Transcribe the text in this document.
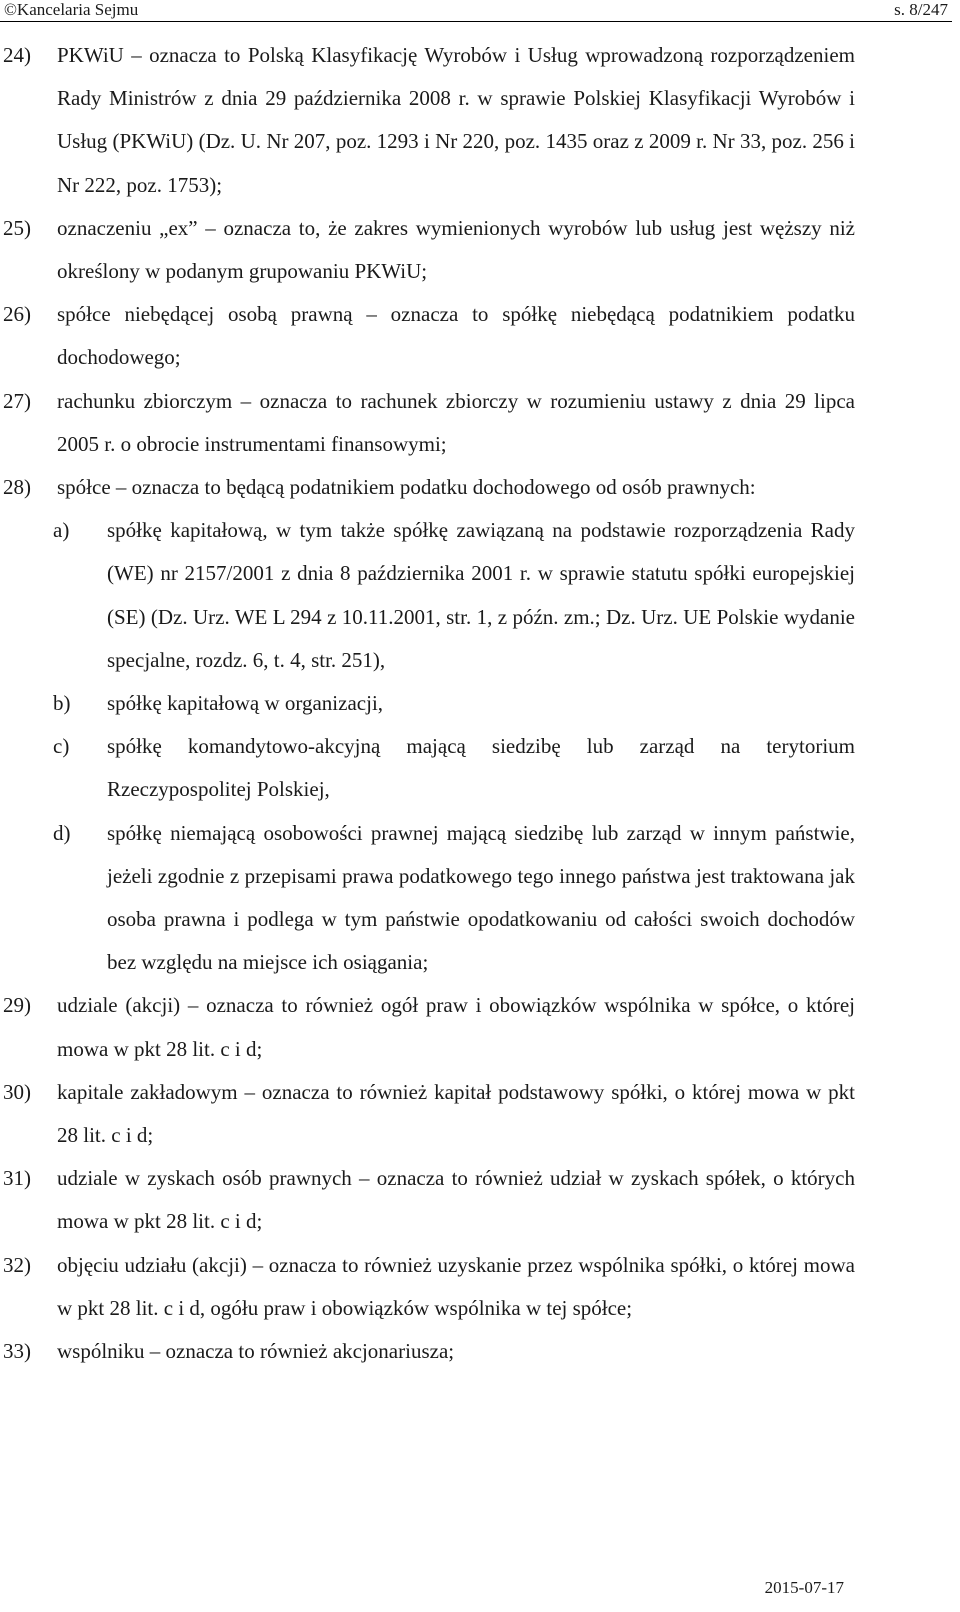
©Kancelaria Sejmu	s. 8/247
24) PKWiU – oznacza to Polską Klasyfikację Wyrobów i Usług wprowadzoną rozporządzeniem Rady Ministrów z dnia 29 października 2008 r. w sprawie Polskiej Klasyfikacji Wyrobów i Usług (PKWiU) (Dz. U. Nr 207, poz. 1293 i Nr 220, poz. 1435 oraz z 2009 r. Nr 33, poz. 256 i Nr 222, poz. 1753);
25) oznaczeniu „ex” – oznacza to, że zakres wymienionych wyrobów lub usług jest węższy niż określony w podanym grupowaniu PKWiU;
26) spółce niebędącej osobą prawną – oznacza to spółkę niebędącą podatnikiem podatku dochodowego;
27) rachunku zbiorczym – oznacza to rachunek zbiorczy w rozumieniu ustawy z dnia 29 lipca 2005 r. o obrocie instrumentami finansowymi;
28) spółce – oznacza to będącą podatnikiem podatku dochodowego od osób prawnych:
a) spółkę kapitałową, w tym także spółkę zawiązaną na podstawie rozporządzenia Rady (WE) nr 2157/2001 z dnia 8 października 2001 r. w sprawie statutu spółki europejskiej (SE) (Dz. Urz. WE L 294 z 10.11.2001, str. 1, z późn. zm.; Dz. Urz. UE Polskie wydanie specjalne, rozdz. 6, t. 4, str. 251),
b) spółkę kapitałową w organizacji,
c) spółkę komandytowo-akcyjną mającą siedzibę lub zarząd na terytorium Rzeczypospolitej Polskiej,
d) spółkę niemającą osobowości prawnej mającą siedzibę lub zarząd w innym państwie, jeżeli zgodnie z przepisami prawa podatkowego tego innego państwa jest traktowana jak osoba prawna i podlega w tym państwie opodatkowaniu od całości swoich dochodów bez względu na miejsce ich osiągania;
29) udziale (akcji) – oznacza to również ogół praw i obowiązków wspólnika w spółce, o której mowa w pkt 28 lit. c i d;
30) kapitale zakładowym – oznacza to również kapitał podstawowy spółki, o której mowa w pkt 28 lit. c i d;
31) udziale w zyskach osób prawnych – oznacza to również udział w zyskach spółek, o których mowa w pkt 28 lit. c i d;
32) objęciu udziału (akcji) – oznacza to również uzyskanie przez wspólnika spółki, o której mowa w pkt 28 lit. c i d, ogółu praw i obowiązków wspólnika w tej spółce;
33) wspólniku – oznacza to również akcjonariusza;
2015-07-17
